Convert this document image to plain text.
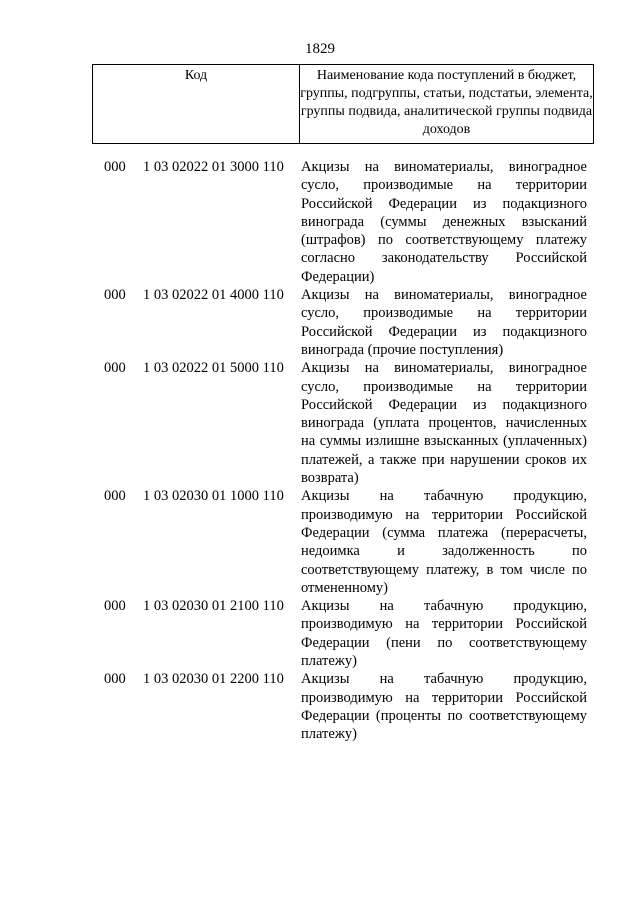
1829
Код	Наименование кода поступлений в бюджет, группы, подгруппы, статьи, подстатьи, элемента, группы подвида, аналитической группы подвида доходов
000 1 03 02022 01 3000 110 Акцизы на виноматериалы, виноградное сусло, производимые на территории Российской Федерации из подакцизного винограда (суммы денежных взысканий (штрафов) по соответствующему платежу согласно законодательству Российской Федерации)
000 1 03 02022 01 4000 110 Акцизы на виноматериалы, виноградное сусло, производимые на территории Российской Федерации из подакцизного винограда (прочие поступления)
000 1 03 02022 01 5000 110 Акцизы на виноматериалы, виноградное сусло, производимые на территории Российской Федерации из подакцизного винограда (уплата процентов, начисленных на суммы излишне взысканных (уплаченных) платежей, а также при нарушении сроков их возврата)
000 1 03 02030 01 1000 110 Акцизы на табачную продукцию, производимую на территории Российской Федерации (сумма платежа (перерасчеты, недоимка и задолженность по соответствующему платежу, в том числе по отмененному)
000 1 03 02030 01 2100 110 Акцизы на табачную продукцию, производимую на территории Российской Федерации (пени по соответствующему платежу)
000 1 03 02030 01 2200 110 Акцизы на табачную продукцию, производимую на территории Российской Федерации (проценты по соответствующему платежу)
